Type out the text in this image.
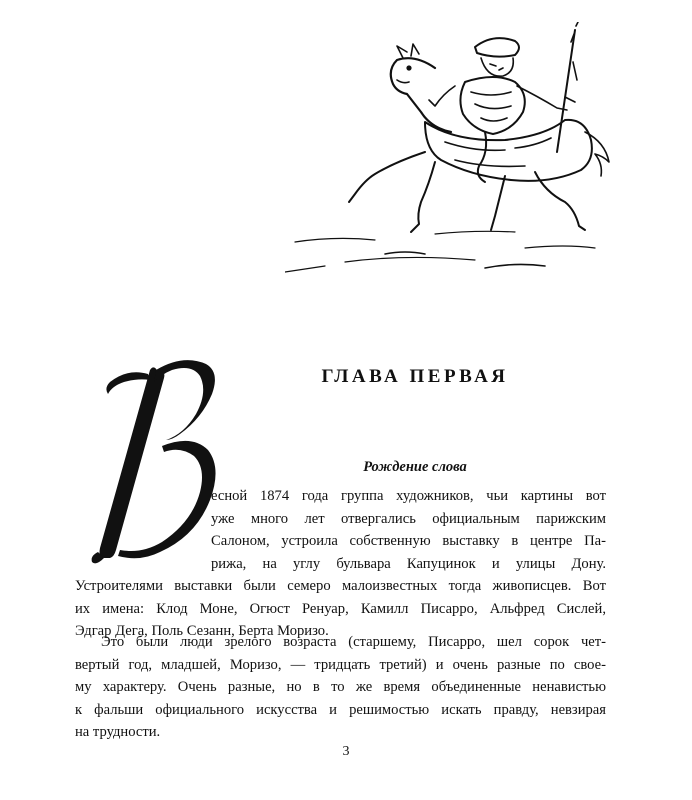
ГЛАВА ПЕРВАЯ
Рождение слова
есной 1874 года группа художников, чьи картины вот
уже много лет отвергались официальным парижским
Салоном, устроила собственную выставку в центре Па-
рижа, на углу бульвара Капуцинок и улицы Дону.
Устроителями выставки были семеро малоизвестных тогда живописцев. Вот
их имена: Клод Моне, Огюст Ренуар, Камилл Писарро, Альфред Сислей,
Эдгар Дега, Поль Сезанн, Берта Моризо.
Это были люди зрелого возраста (старшему, Писарро, шел сорок чет-
вертый год, младшей, Моризо, — тридцать третий) и очень разные по свое-
му характеру. Очень разные, но в то же время объединенные ненавистью
к фальши официального искусства и решимостью искать правду, невзирая
на трудности.
3
